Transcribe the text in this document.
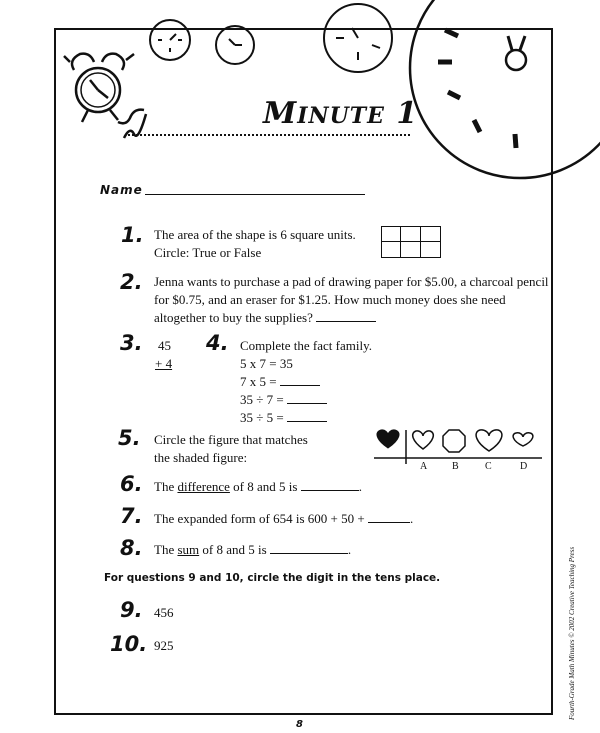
MINUTE 1
Name
1. The area of the shape is 6 square units.
Circle: True or False
2. Jenna wants to purchase a pad of drawing paper for $5.00, a charcoal pencil
for $0.75, and an eraser for $1.25. How much money does she need
altogether to buy the supplies?
3. 45
+ 4
4. Complete the fact family.
5 x 7 = 35
7 x 5 =
35 ÷ 7 =
35 ÷ 5 =
5. Circle the figure that matches
the shaded figure:
A B	C	D
6. The difference of 8 and 5 is	.
7. The expanded form of 654 is 600 + 50 +	.
8. The sum of 8 and 5 is	.
For questions 9 and 10, circle the digit in the tens place.
9. 456
10. 925
8
Fourth-Grade Math Minutes © 2002 Creative Teaching Press
